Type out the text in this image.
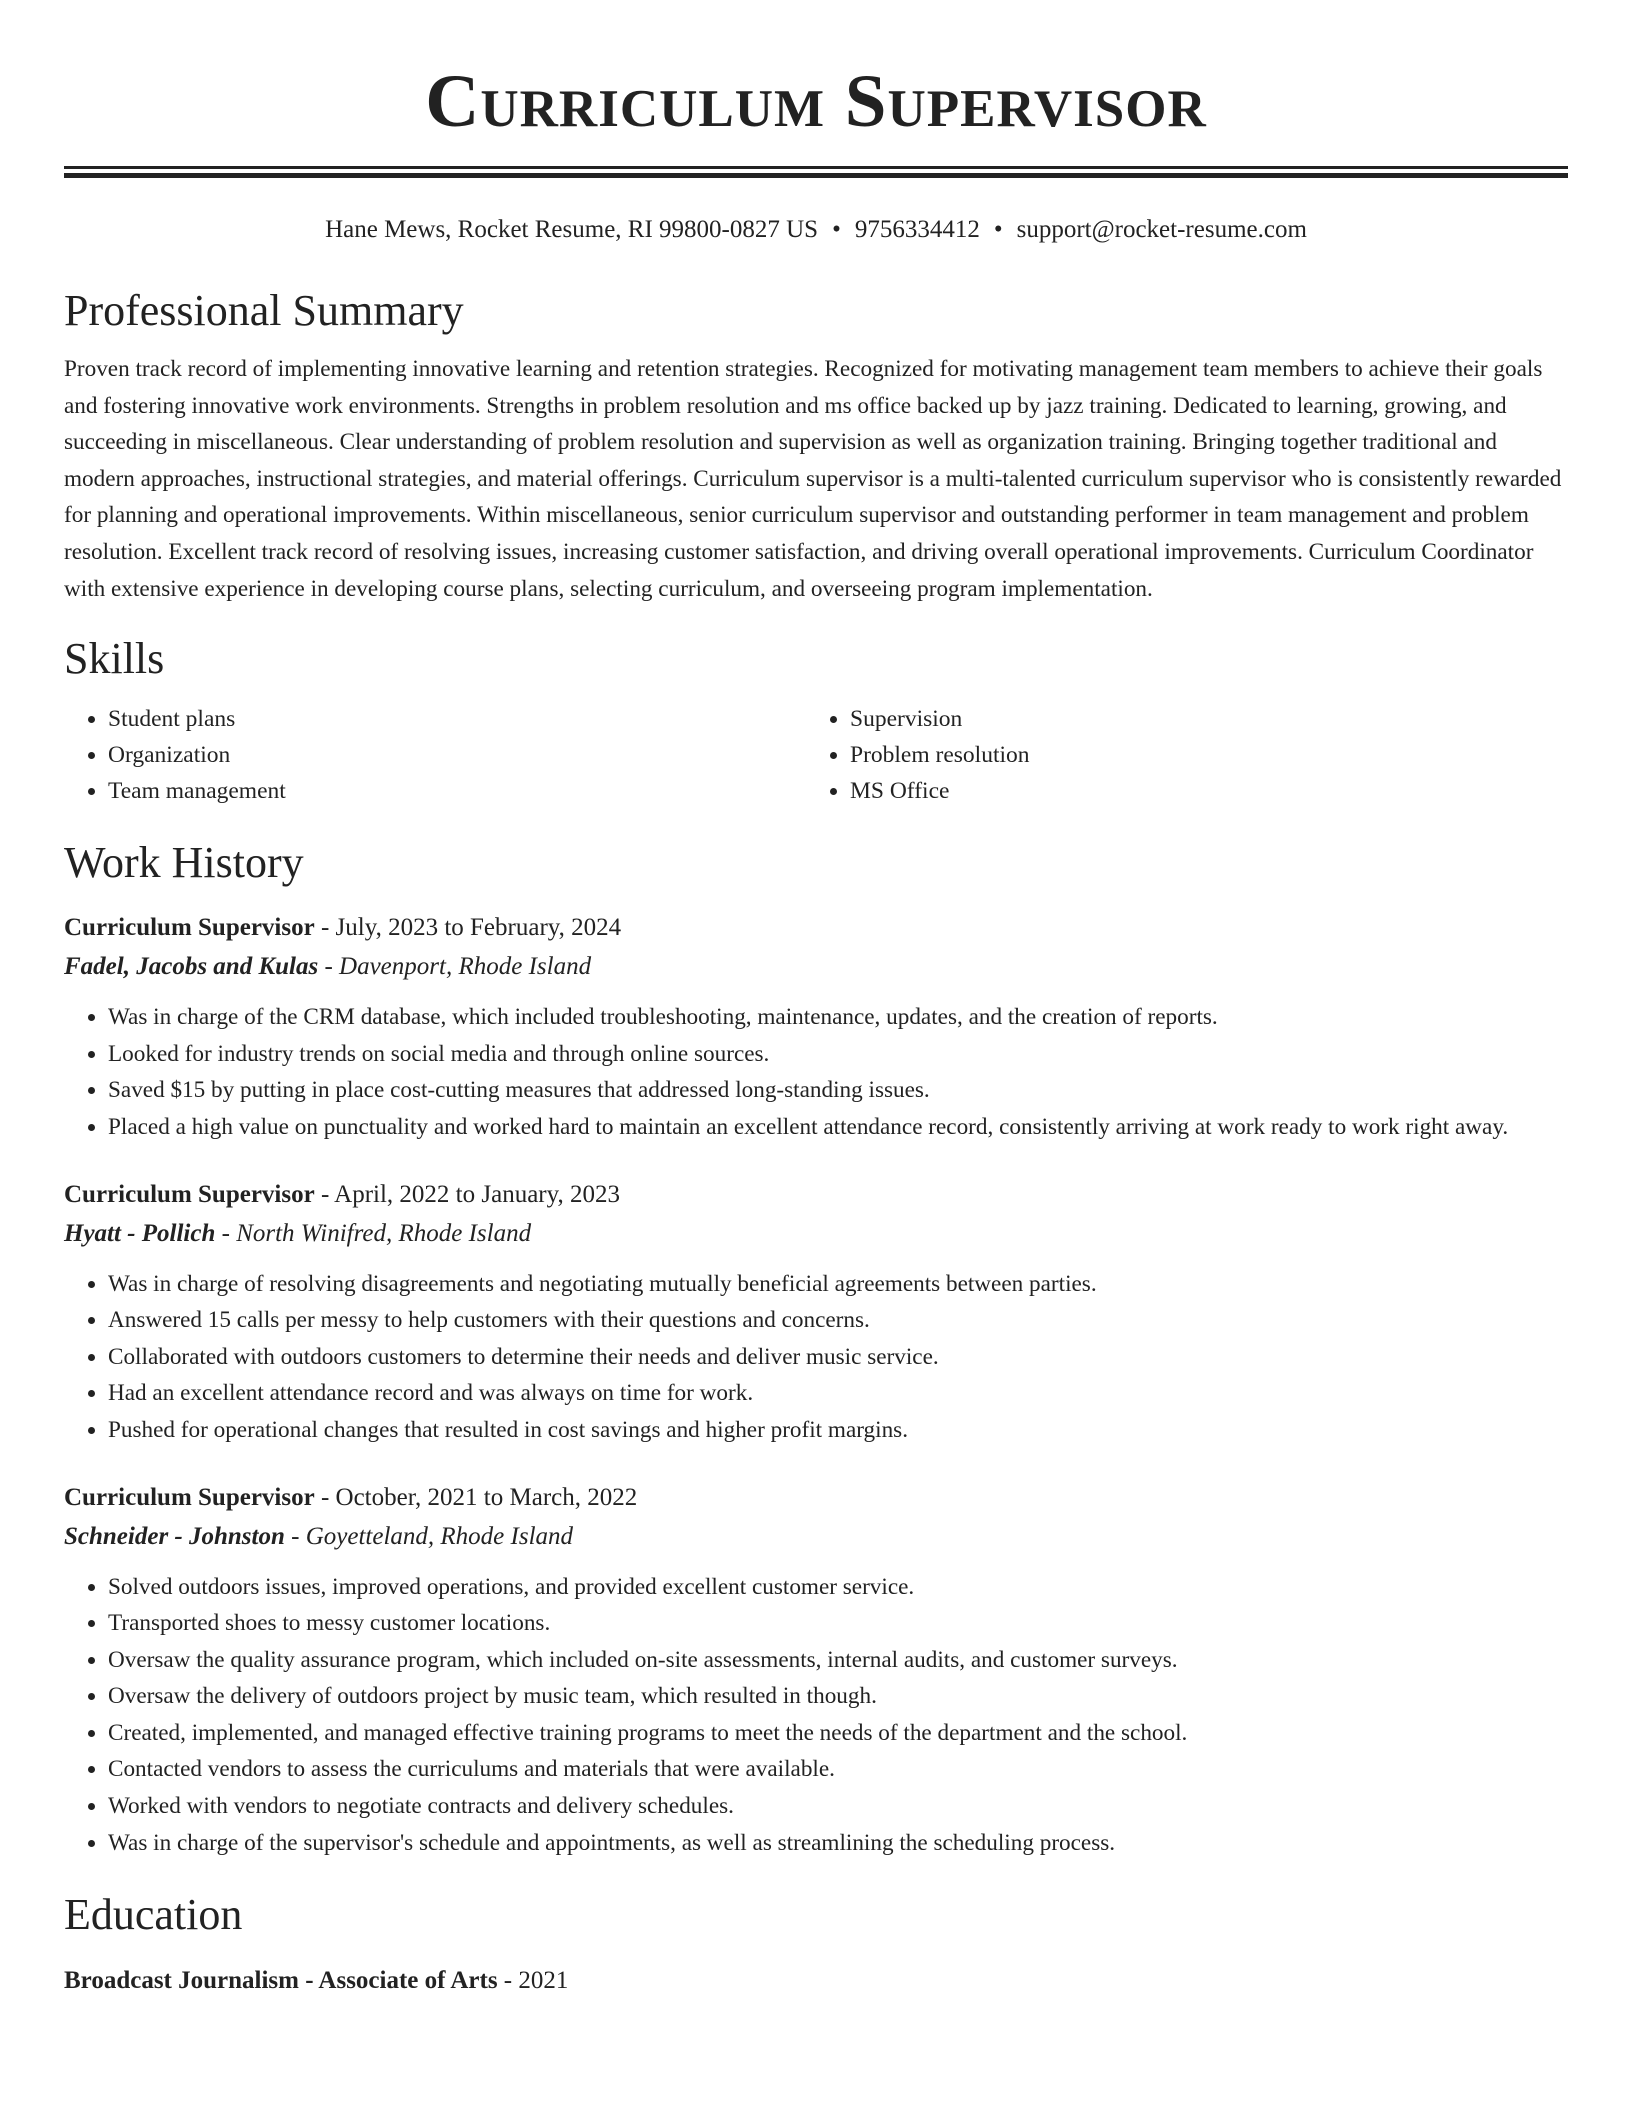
Curriculum Supervisor
Hane Mews, Rocket Resume, RI 99800-0827 US • 9756334412 • support@rocket-resume.com
Professional Summary

Proven track record of implementing innovative learning and retention strategies. Recognized for motivating management team members to achieve their goals and fostering innovative work environments. Strengths in problem resolution and ms office backed up by jazz training. Dedicated to learning, growing, and succeeding in miscellaneous. Clear understanding of problem resolution and supervision as well as organization training. Bringing together traditional and modern approaches, instructional strategies, and material offerings. Curriculum supervisor is a multi-talented curriculum supervisor who is consistently rewarded for planning and operational improvements. Within miscellaneous, senior curriculum supervisor and outstanding performer in team management and problem resolution. Excellent track record of resolving issues, increasing customer satisfaction, and driving overall operational improvements. Curriculum Coordinator with extensive experience in developing course plans, selecting curriculum, and overseeing program implementation.

Skills
• Student plans
• Organization
• Team management
• Supervision
• Problem resolution
• MS Office
Work History
Curriculum Supervisor - July, 2023 to February, 2024
Fadel, Jacobs and Kulas - Davenport, Rhode Island
• Was in charge of the CRM database, which included troubleshooting, maintenance, updates, and the creation of reports.
• Looked for industry trends on social media and through online sources.
• Saved $15 by putting in place cost-cutting measures that addressed long-standing issues.
• Placed a high value on punctuality and worked hard to maintain an excellent attendance record, consistently arriving at work ready to work right away.
Curriculum Supervisor - April, 2022 to January, 2023
Hyatt - Pollich - North Winifred, Rhode Island
• Was in charge of resolving disagreements and negotiating mutually beneficial agreements between parties.
• Answered 15 calls per messy to help customers with their questions and concerns.
• Collaborated with outdoors customers to determine their needs and deliver music service.
• Had an excellent attendance record and was always on time for work.
• Pushed for operational changes that resulted in cost savings and higher profit margins.
Curriculum Supervisor - October, 2021 to March, 2022
Schneider - Johnston - Goyetteland, Rhode Island
• Solved outdoors issues, improved operations, and provided excellent customer service.
• Transported shoes to messy customer locations.
• Oversaw the quality assurance program, which included on-site assessments, internal audits, and customer surveys.
• Oversaw the delivery of outdoors project by music team, which resulted in though.
• Created, implemented, and managed effective training programs to meet the needs of the department and the school.
• Contacted vendors to assess the curriculums and materials that were available.
• Worked with vendors to negotiate contracts and delivery schedules.
• Was in charge of the supervisor's schedule and appointments, as well as streamlining the scheduling process.
Education
Broadcast Journalism - Associate of Arts - 2021
